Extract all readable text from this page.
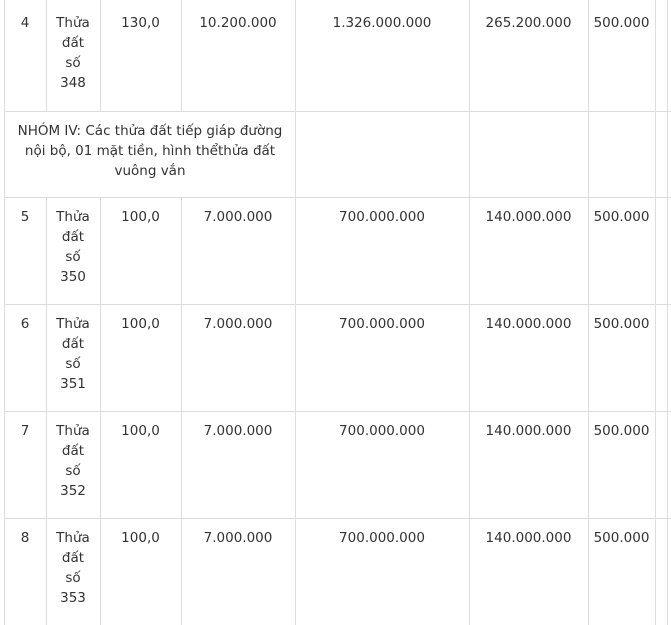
4	Thửa
đất
số
348
130,0	10.200.000	1.326.000.000	265.200.000	500.000
NHÓM IV: Các thửa đất tiếp giáp đường
nội bộ, 01 mặt tiền, hình thểthửa đất
vuông vắn
5	Thửa
đất
số
350
100,0	7.000.000	700.000.000	140.000.000	500.000
6	Thửa
đất
số
351
100,0	7.000.000	700.000.000	140.000.000	500.000
7	Thửa
đất
số
352
100,0	7.000.000	700.000.000	140.000.000	500.000
8	Thửa
đất
số
353
100,0	7.000.000	700.000.000	140.000.000	500.000
